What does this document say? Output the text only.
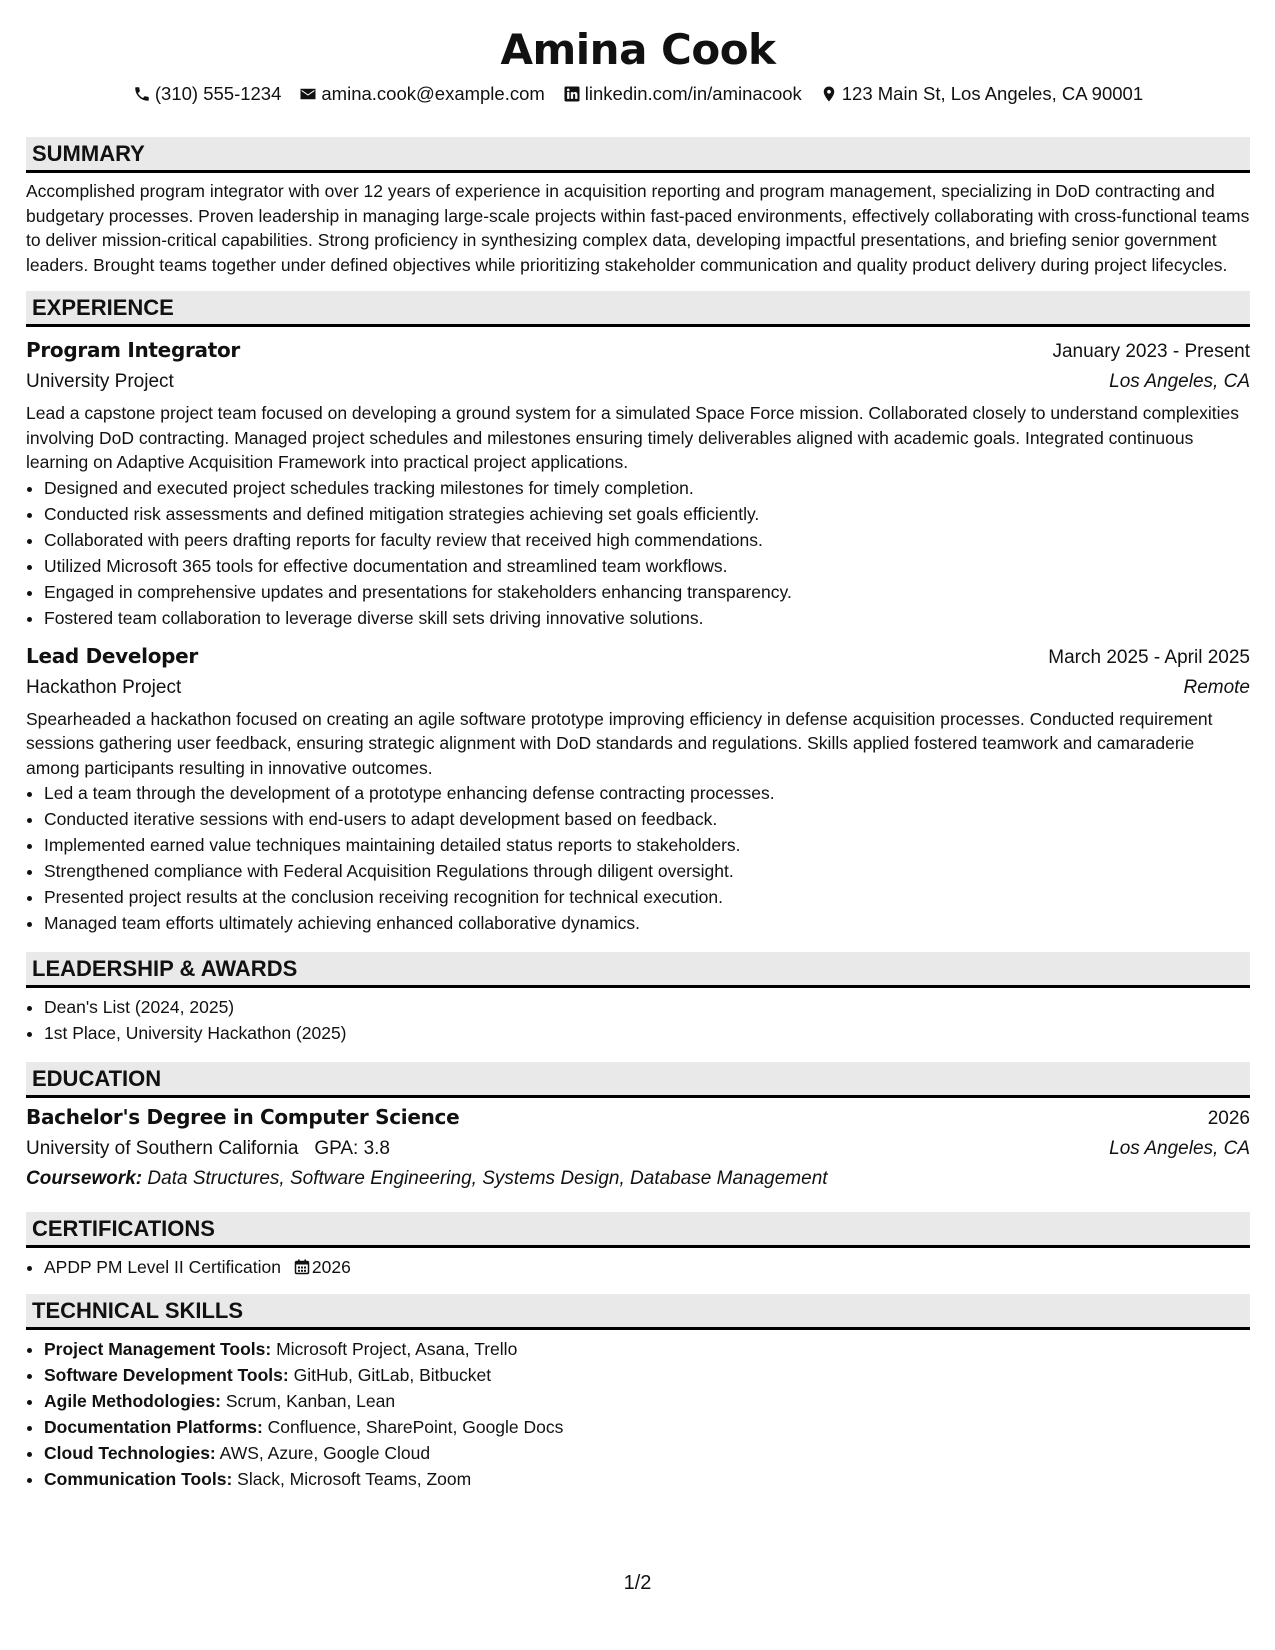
Amina Cook
(310) 555-1234 amina.cook@example.com linkedin.com/in/aminacook 123 Main St, Los Angeles, CA 90001
SUMMARY
Accomplished program integrator with over 12 years of experience in acquisition reporting and program management, specializing in DoD contracting and budgetary processes. Proven leadership in managing large-scale projects within fast-paced environments, effectively collaborating with cross-functional teams to deliver mission-critical capabilities. Strong proficiency in synthesizing complex data, developing impactful presentations, and briefing senior government leaders. Brought teams together under defined objectives while prioritizing stakeholder communication and quality product delivery during project lifecycles.
EXPERIENCE
Program Integrator	January 2023 - Present
University Project	Los Angeles, CA
Lead a capstone project team focused on developing a ground system for a simulated Space Force mission. Collaborated closely to understand complexities involving DoD contracting. Managed project schedules and milestones ensuring timely deliverables aligned with academic goals. Integrated continuous learning on Adaptive Acquisition Framework into practical project applications.
• Designed and executed project schedules tracking milestones for timely completion.
• Conducted risk assessments and defined mitigation strategies achieving set goals efficiently.
• Collaborated with peers drafting reports for faculty review that received high commendations.
• Utilized Microsoft 365 tools for effective documentation and streamlined team workflows.
• Engaged in comprehensive updates and presentations for stakeholders enhancing transparency.
• Fostered team collaboration to leverage diverse skill sets driving innovative solutions.
Lead Developer	March 2025 - April 2025
Hackathon Project	Remote
Spearheaded a hackathon focused on creating an agile software prototype improving efficiency in defense acquisition processes. Conducted requirement sessions gathering user feedback, ensuring strategic alignment with DoD standards and regulations. Skills applied fostered teamwork and camaraderie among participants resulting in innovative outcomes.
• Led a team through the development of a prototype enhancing defense contracting processes.
• Conducted iterative sessions with end-users to adapt development based on feedback.
• Implemented earned value techniques maintaining detailed status reports to stakeholders.
• Strengthened compliance with Federal Acquisition Regulations through diligent oversight.
• Presented project results at the conclusion receiving recognition for technical execution.
• Managed team efforts ultimately achieving enhanced collaborative dynamics.
LEADERSHIP & AWARDS
• Dean's List (2024, 2025)
• 1st Place, University Hackathon (2025)
EDUCATION
Bachelor's Degree in Computer Science	2026
University of Southern California GPA: 3.8	Los Angeles, CA
Coursework: Data Structures, Software Engineering, Systems Design, Database Management
CERTIFICATIONS
• APDP PM Level II Certification 2026
TECHNICAL SKILLS
• Project Management Tools: Microsoft Project, Asana, Trello
• Software Development Tools: GitHub, GitLab, Bitbucket
• Agile Methodologies: Scrum, Kanban, Lean
• Documentation Platforms: Confluence, SharePoint, Google Docs
• Cloud Technologies: AWS, Azure, Google Cloud
• Communication Tools: Slack, Microsoft Teams, Zoom
1/2
